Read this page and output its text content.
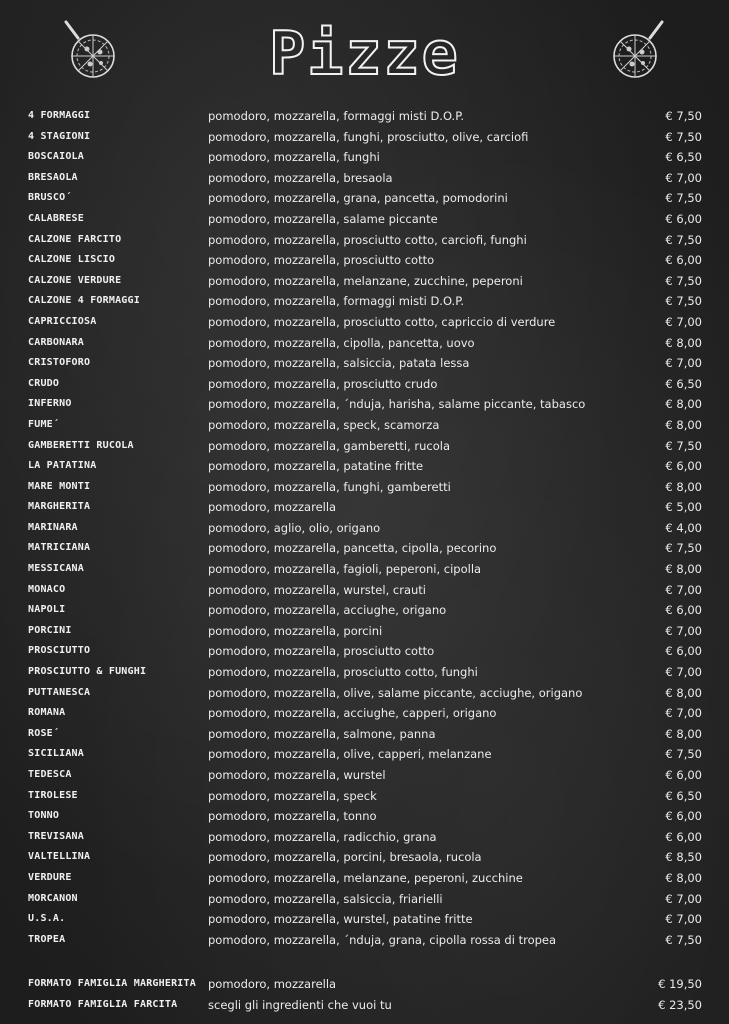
Pizze
4 FORMAGGI	pomodoro, mozzarella, formaggi misti D.O.P.	€ 7,50
4 STAGIONI	pomodoro, mozzarella, funghi, prosciutto, olive, carciofi	€ 7,50
BOSCAIOLA	pomodoro, mozzarella, funghi	€ 6,50
BRESAOLA	pomodoro, mozzarella, bresaola	€ 7,00
BRUSCO´	pomodoro, mozzarella, grana, pancetta, pomodorini	€ 7,50
CALABRESE	pomodoro, mozzarella, salame piccante	€ 6,00
CALZONE FARCITO	pomodoro, mozzarella, prosciutto cotto, carciofi, funghi	€ 7,50
CALZONE LISCIO	pomodoro, mozzarella, prosciutto cotto	€ 6,00
CALZONE VERDURE	pomodoro, mozzarella, melanzane, zucchine, peperoni	€ 7,50
CALZONE 4 FORMAGGI	pomodoro, mozzarella, formaggi misti D.O.P.	€ 7,50
CAPRICCIOSA	pomodoro, mozzarella, prosciutto cotto, capriccio di verdure	€ 7,00
CARBONARA	pomodoro, mozzarella, cipolla, pancetta, uovo	€ 8,00
CRISTOFORO	pomodoro, mozzarella, salsiccia, patata lessa	€ 7,00
CRUDO	pomodoro, mozzarella, prosciutto crudo	€ 6,50
INFERNO	pomodoro, mozzarella, ´nduja, harisha, salame piccante, tabasco	€ 8,00
FUME´	pomodoro, mozzarella, speck, scamorza	€ 8,00
GAMBERETTI RUCOLA	pomodoro, mozzarella, gamberetti, rucola	€ 7,50
LA PATATINA	pomodoro, mozzarella, patatine fritte	€ 6,00
MARE MONTI	pomodoro, mozzarella, funghi, gamberetti	€ 8,00
MARGHERITA	pomodoro, mozzarella	€ 5,00
MARINARA	pomodoro, aglio, olio, origano	€ 4,00
MATRICIANA	pomodoro, mozzarella, pancetta, cipolla, pecorino	€ 7,50
MESSICANA	pomodoro, mozzarella, fagioli, peperoni, cipolla	€ 8,00
MONACO	pomodoro, mozzarella, wurstel, crauti	€ 7,00
NAPOLI	pomodoro, mozzarella, acciughe, origano	€ 6,00
PORCINI	pomodoro, mozzarella, porcini	€ 7,00
PROSCIUTTO	pomodoro, mozzarella, prosciutto cotto	€ 6,00
PROSCIUTTO & FUNGHI	pomodoro, mozzarella, prosciutto cotto, funghi	€ 7,00
PUTTANESCA	pomodoro, mozzarella, olive, salame piccante, acciughe, origano	€ 8,00
ROMANA	pomodoro, mozzarella, acciughe, capperi, origano	€ 7,00
ROSE´	pomodoro, mozzarella, salmone, panna	€ 8,00
SICILIANA	pomodoro, mozzarella, olive, capperi, melanzane	€ 7,50
TEDESCA	pomodoro, mozzarella, wurstel	€ 6,00
TIROLESE	pomodoro, mozzarella, speck	€ 6,50
TONNO	pomodoro, mozzarella, tonno	€ 6,00
TREVISANA	pomodoro, mozzarella, radicchio, grana	€ 6,00
VALTELLINA	pomodoro, mozzarella, porcini, bresaola, rucola	€ 8,50
VERDURE	pomodoro, mozzarella, melanzane, peperoni, zucchine	€ 8,00
MORCANON	pomodoro, mozzarella, salsiccia, friarielli	€ 7,00
U.S.A.	pomodoro, mozzarella, wurstel, patatine fritte	€ 7,00
TROPEA	pomodoro, mozzarella, ´nduja, grana, cipolla rossa di tropea	€ 7,50
FORMATO FAMIGLIA MARGHERITA	pomodoro, mozzarella	€ 19,50
FORMATO FAMIGLIA FARCITA	scegli gli ingredienti che vuoi tu	€ 23,50
